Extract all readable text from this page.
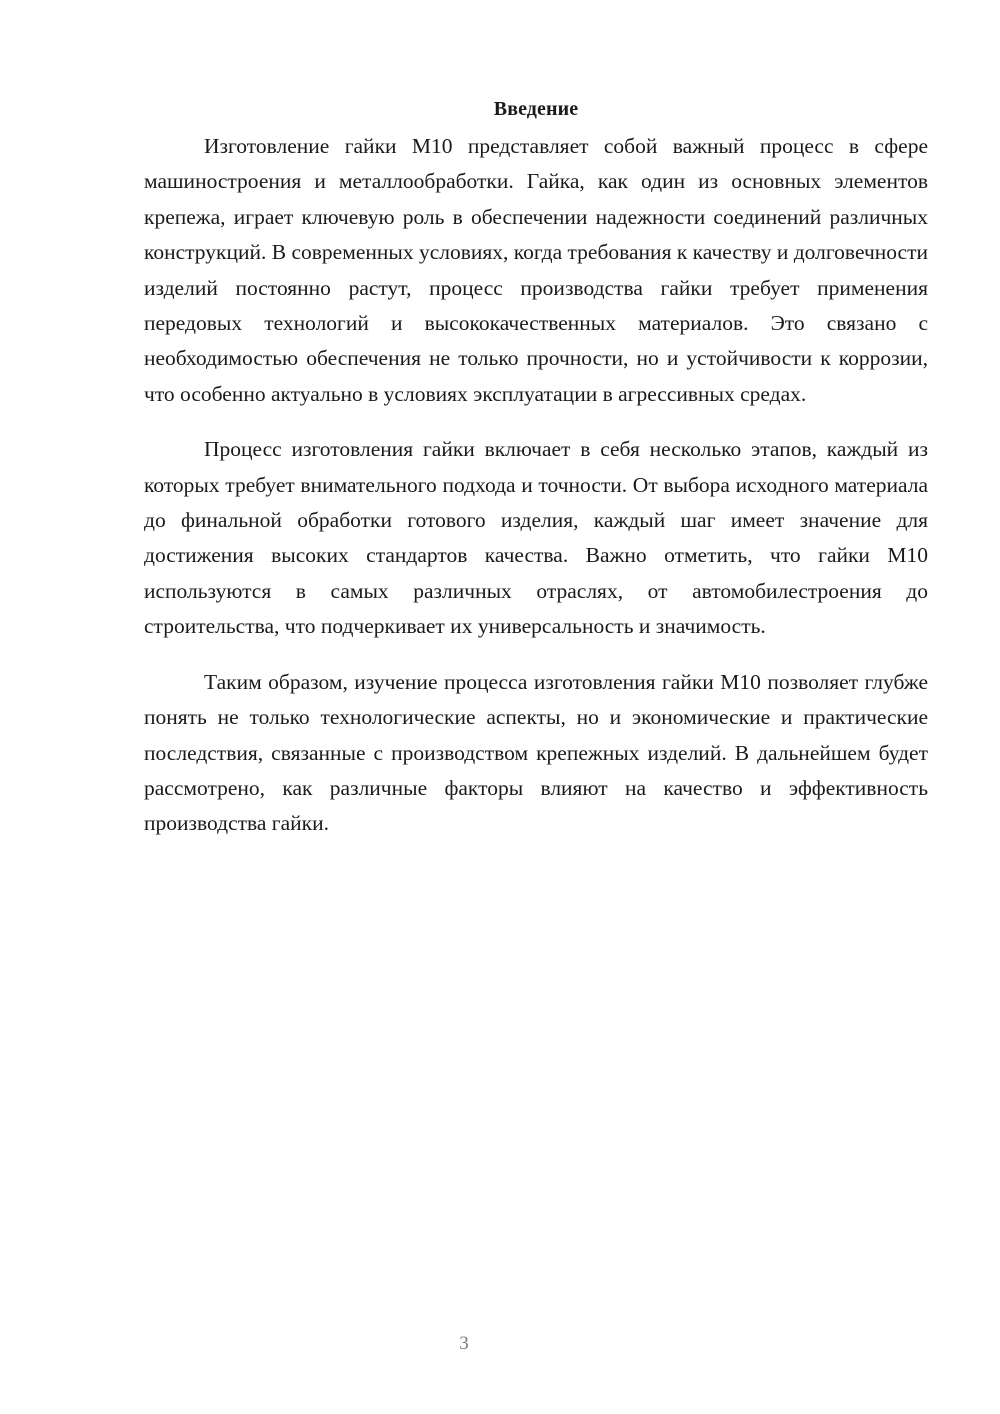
Введение

Изготовление гайки М10 представляет собой важный процесс в сфере машиностроения и металлообработки. Гайка, как один из основных элементов крепежа, играет ключевую роль в обеспечении надежности соединений различных конструкций. В современных условиях, когда требования к качеству и долговечности изделий постоянно растут, процесс производства гайки требует применения передовых технологий и высококачественных материалов. Это связано с необходимостью обеспечения не только прочности, но и устойчивости к коррозии, что особенно актуально в условиях эксплуатации в агрессивных средах.

Процесс изготовления гайки включает в себя несколько этапов, каждый из которых требует внимательного подхода и точности. От выбора исходного материала до финальной обработки готового изделия, каждый шаг имеет значение для достижения высоких стандартов качества. Важно отметить, что гайки М10 используются в самых различных отраслях, от автомобилестроения до строительства, что подчеркивает их универсальность и значимость.

Таким образом, изучение процесса изготовления гайки М10 позволяет глубже понять не только технологические аспекты, но и экономические и практические последствия, связанные с производством крепежных изделий. В дальнейшем будет рассмотрено, как различные факторы влияют на качество и эффективность производства гайки.

3
